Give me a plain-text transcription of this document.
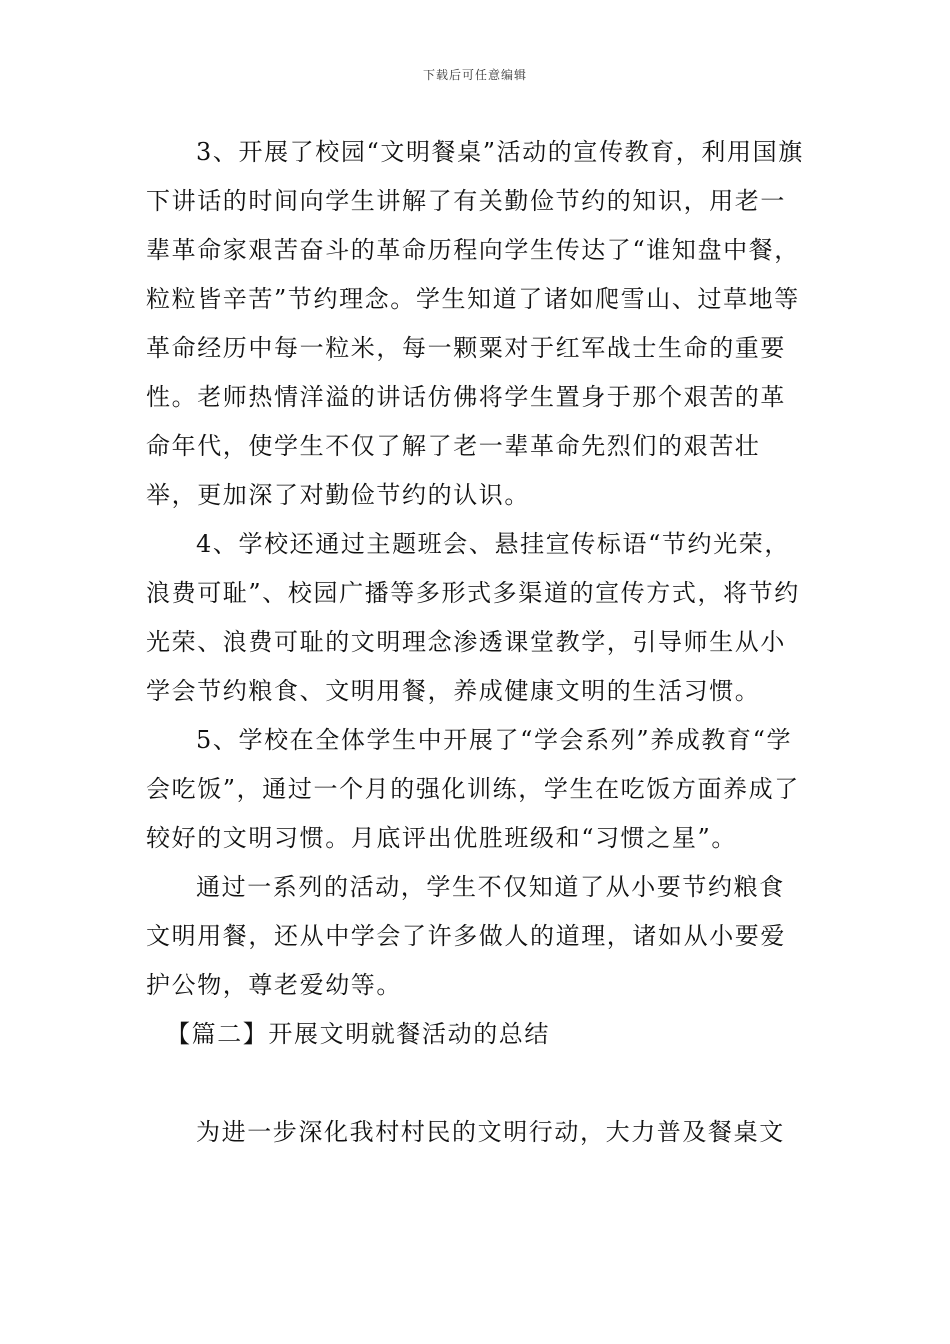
下载后可任意编辑

3、开展了校园“文明餐桌”活动的宣传教育，利用国旗下讲话的时间向学生讲解了有关勤俭节约的知识，用老一辈革命家艰苦奋斗的革命历程向学生传达了“谁知盘中餐，粒粒皆辛苦”节约理念。学生知道了诸如爬雪山、过草地等革命经历中每一粒米，每一颗粟对于红军战士生命的重要性。老师热情洋溢的讲话仿佛将学生置身于那个艰苦的革命年代，使学生不仅了解了老一辈革命先烈们的艰苦壮举，更加深了对勤俭节约的认识。

4、学校还通过主题班会、悬挂宣传标语“节约光荣，浪费可耻”、校园广播等多形式多渠道的宣传方式，将节约光荣、浪费可耻的文明理念渗透课堂教学，引导师生从小学会节约粮食、文明用餐，养成健康文明的生活习惯。

5、学校在全体学生中开展了“学会系列”养成教育“学会吃饭”，通过一个月的强化训练，学生在吃饭方面养成了较好的文明习惯。月底评出优胜班级和“习惯之星”。

通过一系列的活动，学生不仅知道了从小要节约粮食文明用餐，还从中学会了许多做人的道理，诸如从小要爱护公物，尊老爱幼等。

【篇二】开展文明就餐活动的总结

为进一步深化我村村民的文明行动，大力普及餐桌文
